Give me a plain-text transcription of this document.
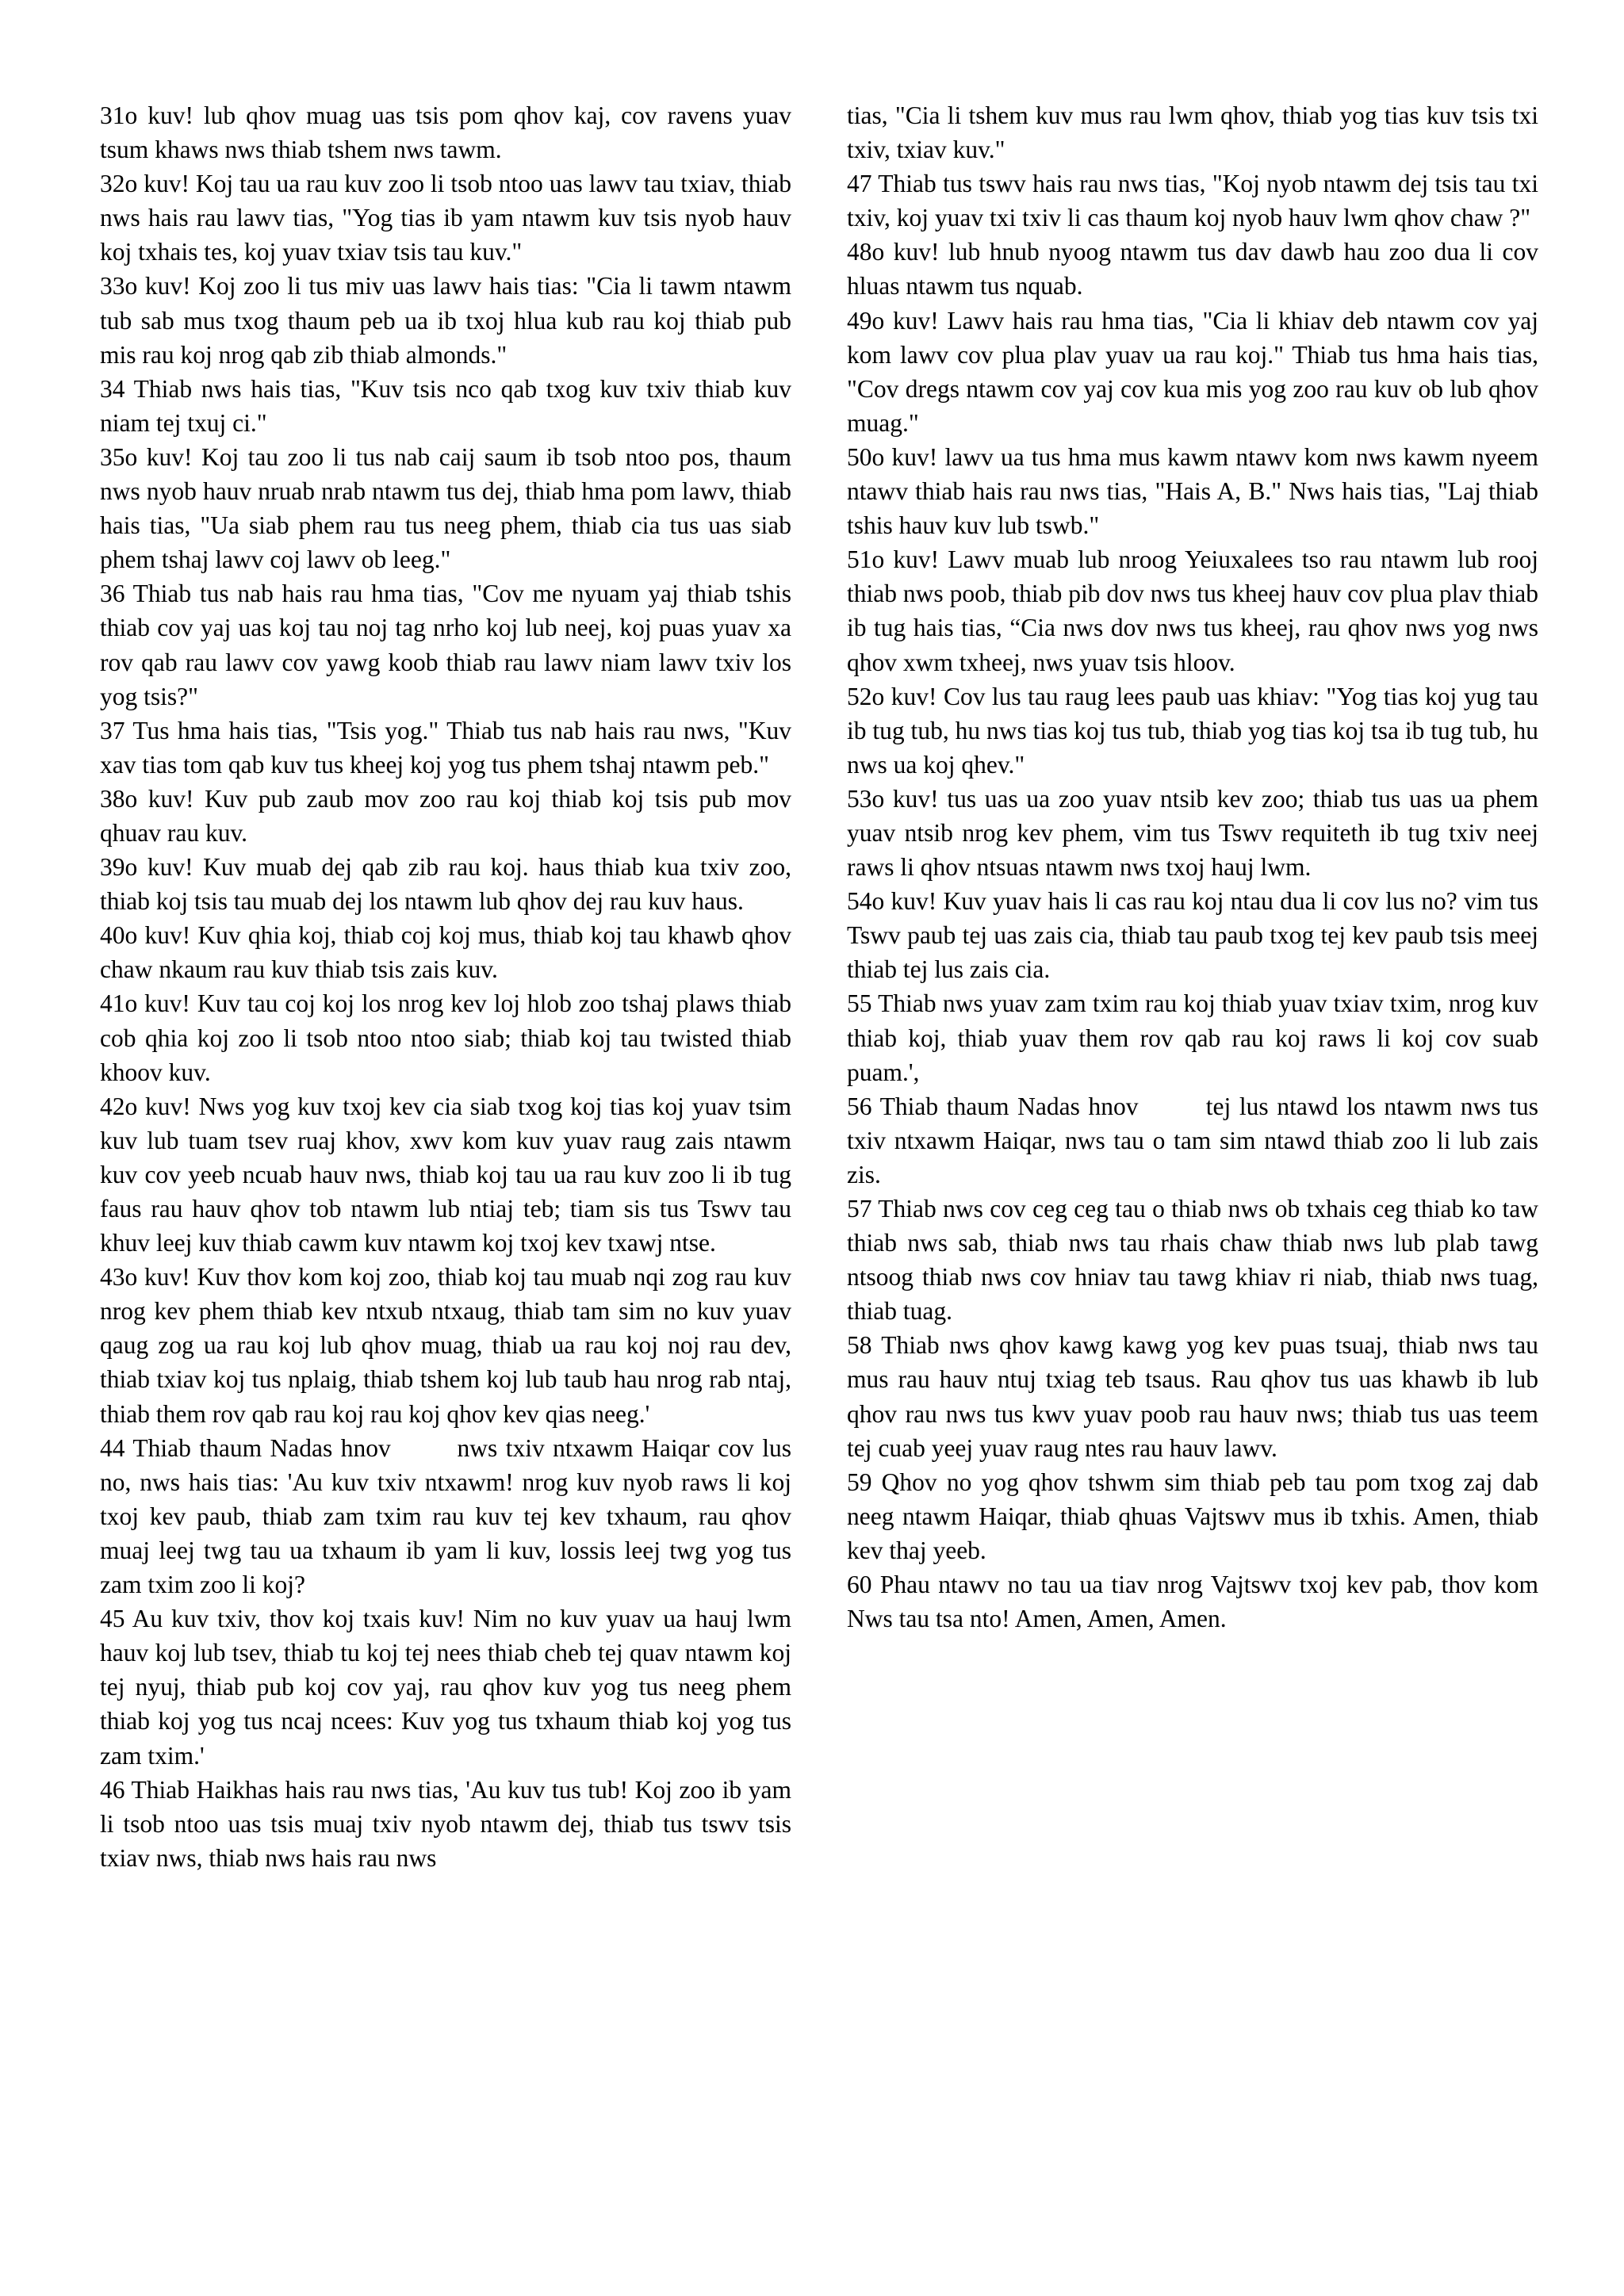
31o kuv! lub qhov muag uas tsis pom qhov kaj, cov ravens yuav tsum khaws nws thiab tshem nws tawm.

32o kuv! Koj tau ua rau kuv zoo li tsob ntoo uas lawv tau txiav, thiab nws hais rau lawv tias, "Yog tias ib yam ntawm kuv tsis nyob hauv koj txhais tes, koj yuav txiav tsis tau kuv."

33o kuv! Koj zoo li tus miv uas lawv hais tias: "Cia li tawm ntawm tub sab mus txog thaum peb ua ib txoj hlua kub rau koj thiab pub mis rau koj nrog qab zib thiab almonds."

34 Thiab nws hais tias, "Kuv tsis nco qab txog kuv txiv thiab kuv niam tej txuj ci."

35o kuv! Koj tau zoo li tus nab caij saum ib tsob ntoo pos, thaum nws nyob hauv nruab nrab ntawm tus dej, thiab hma pom lawv, thiab hais tias, "Ua siab phem rau tus neeg phem, thiab cia tus uas siab phem tshaj lawv coj lawv ob leeg."

36 Thiab tus nab hais rau hma tias, "Cov me nyuam yaj thiab tshis thiab cov yaj uas koj tau noj tag nrho koj lub neej, koj puas yuav xa rov qab rau lawv cov yawg koob thiab rau lawv niam lawv txiv los yog tsis?"

37 Tus hma hais tias, "Tsis yog." Thiab tus nab hais rau nws, "Kuv xav tias tom qab kuv tus kheej koj yog tus phem tshaj ntawm peb."

38o kuv! Kuv pub zaub mov zoo rau koj thiab koj tsis pub mov qhuav rau kuv.

39o kuv! Kuv muab dej qab zib rau koj. haus thiab kua txiv zoo, thiab koj tsis tau muab dej los ntawm lub qhov dej rau kuv haus.

40o kuv! Kuv qhia koj, thiab coj koj mus, thiab koj tau khawb qhov chaw nkaum rau kuv thiab tsis zais kuv.

41o kuv! Kuv tau coj koj los nrog kev loj hlob zoo tshaj plaws thiab cob qhia koj zoo li tsob ntoo ntoo siab; thiab koj tau twisted thiab khoov kuv.

42o kuv! Nws yog kuv txoj kev cia siab txog koj tias koj yuav tsim kuv lub tuam tsev ruaj khov, xwv kom kuv yuav raug zais ntawm kuv cov yeeb ncuab hauv nws, thiab koj tau ua rau kuv zoo li ib tug faus rau hauv qhov tob ntawm lub ntiaj teb; tiam sis tus Tswv tau khuv leej kuv thiab cawm kuv ntawm koj txoj kev txawj ntse.

43o kuv! Kuv thov kom koj zoo, thiab koj tau muab nqi zog rau kuv nrog kev phem thiab kev ntxub ntxaug, thiab tam sim no kuv yuav qaug zog ua rau koj lub qhov muag, thiab ua rau koj noj rau dev, thiab txiav koj tus nplaig, thiab tshem koj lub taub hau nrog rab ntaj, thiab them rov qab rau koj rau koj qhov kev qias neeg.'

44 Thiab thaum Nadas hnov        nws txiv ntxawm Haiqar cov lus no, nws hais tias: 'Au kuv txiv ntxawm! nrog kuv nyob raws li koj txoj kev paub, thiab zam txim rau kuv tej kev txhaum, rau qhov muaj leej twg tau ua txhaum ib yam li kuv, lossis leej twg yog tus zam txim zoo li koj?

45 Au kuv txiv, thov koj txais kuv! Nim no kuv yuav ua hauj lwm hauv koj lub tsev, thiab tu koj tej nees thiab cheb tej quav ntawm koj tej nyuj, thiab pub koj cov yaj, rau qhov kuv yog tus neeg phem thiab koj yog tus ncaj ncees: Kuv yog tus txhaum thiab koj yog tus zam txim.'

46 Thiab Haikhas hais rau nws tias, 'Au kuv tus tub! Koj zoo ib yam li tsob ntoo uas tsis muaj txiv nyob ntawm dej, thiab tus tswv tsis txiav nws, thiab nws hais rau nws

tias, "Cia li tshem kuv mus rau lwm qhov, thiab yog tias kuv tsis txi txiv, txiav kuv."

47 Thiab tus tswv hais rau nws tias, "Koj nyob ntawm dej tsis tau txi txiv, koj yuav txi txiv li cas thaum koj nyob hauv lwm qhov chaw ?"

48o kuv! lub hnub nyoog ntawm tus dav dawb hau zoo dua li cov hluas ntawm tus nquab.

49o kuv! Lawv hais rau hma tias, "Cia li khiav deb ntawm cov yaj kom lawv cov plua plav yuav ua rau koj." Thiab tus hma hais tias, "Cov dregs ntawm cov yaj cov kua mis yog zoo rau kuv ob lub qhov muag."

50o kuv! lawv ua tus hma mus kawm ntawv kom nws kawm nyeem ntawv thiab hais rau nws tias, "Hais A, B." Nws hais tias, "Laj thiab tshis hauv kuv lub tswb."

51o kuv! Lawv muab lub nroog Yeiuxalees tso rau ntawm lub rooj thiab nws poob, thiab pib dov nws tus kheej hauv cov plua plav thiab ib tug hais tias, “Cia nws dov nws tus kheej, rau qhov nws yog nws qhov xwm txheej, nws yuav tsis hloov.

52o kuv! Cov lus tau raug lees paub uas khiav: "Yog tias koj yug tau ib tug tub, hu nws tias koj tus tub, thiab yog tias koj tsa ib tug tub, hu nws ua koj qhev."

53o kuv! tus uas ua zoo yuav ntsib kev zoo; thiab tus uas ua phem yuav ntsib nrog kev phem, vim tus Tswv requiteth ib tug txiv neej raws li qhov ntsuas ntawm nws txoj hauj lwm.

54o kuv! Kuv yuav hais li cas rau koj ntau dua li cov lus no? vim tus Tswv paub tej uas zais cia, thiab tau paub txog tej kev paub tsis meej thiab tej lus zais cia.

55 Thiab nws yuav zam txim rau koj thiab yuav txiav txim, nrog kuv thiab koj, thiab yuav them rov qab rau koj raws li koj cov suab puam.',

56 Thiab thaum Nadas hnov        tej lus ntawd los ntawm nws tus txiv ntxawm Haiqar, nws tau o tam sim ntawd thiab zoo li lub zais zis.

57 Thiab nws cov ceg ceg tau o thiab nws ob txhais ceg thiab ko taw thiab nws sab, thiab nws tau rhais chaw thiab nws lub plab tawg ntsoog thiab nws cov hniav tau tawg khiav ri niab, thiab nws tuag, thiab tuag.

58 Thiab nws qhov kawg kawg yog kev puas tsuaj, thiab nws tau mus rau hauv ntuj txiag teb tsaus. Rau qhov tus uas khawb ib lub qhov rau nws tus kwv yuav poob rau hauv nws; thiab tus uas teem tej cuab yeej yuav raug ntes rau hauv lawv.

59 Qhov no yog qhov tshwm sim thiab peb tau pom txog zaj dab neeg ntawm Haiqar, thiab qhuas Vajtswv mus ib txhis. Amen, thiab kev thaj yeeb.

60 Phau ntawv no tau ua tiav nrog Vajtswv txoj kev pab, thov kom Nws tau tsa nto! Amen, Amen, Amen.
